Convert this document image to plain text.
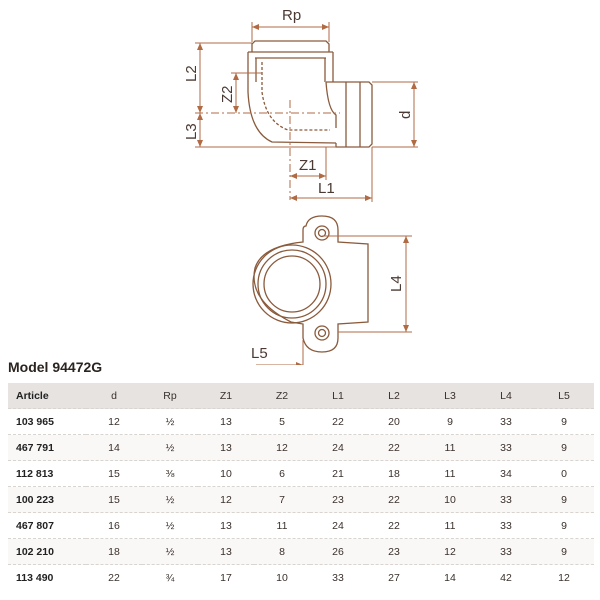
Rp
L2
Z2
L3
d
Z1
L1
L4
L5
Model 94472G
Article	d	Rp	Z1	Z2	L1	L2	L3	L4	L5
103 965	12	½	13	5	22	20	9	33	9
467 791	14	½	13	12	24	22	11	33	9
112 813	15	⅜	10	6	21	18	11	34	0
100 223	15	½	12	7	23	22	10	33	9
467 807	16	½	13	11	24	22	11	33	9
102 210	18	½	13	8	26	23	12	33	9
113 490	22	¾	17	10	33	27	14	42	12
